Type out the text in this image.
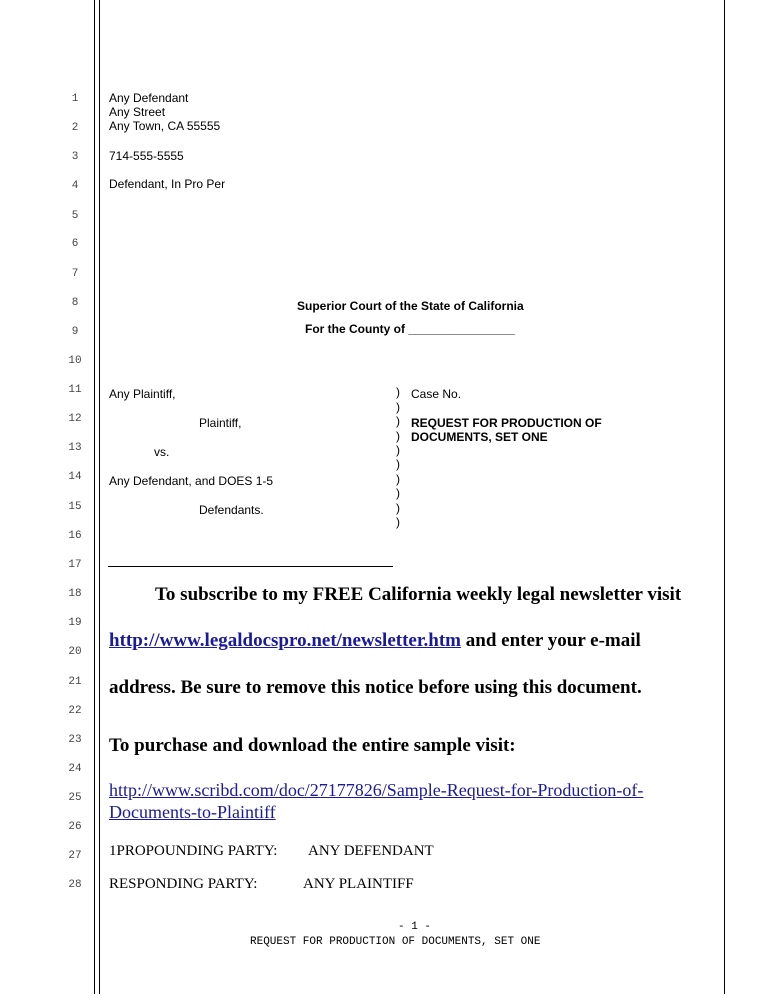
1
2
3
4
5
6
7
8
9
10
11
12
13
14
15
16
17
18
19
20
21
22
23
24
25
26
27
28
Any Defendant
Any Street
Any Town, CA 55555
714-555-5555
Defendant, In Pro Per
Superior Court of the State of California
For the County of ________________
Any Plaintiff,
Plaintiff,
vs.
Any Defendant, and DOES 1-5
Defendants.
)
)
)
)
)
)
)
)
)
)
Case No.
REQUEST FOR PRODUCTION OF
DOCUMENTS, SET ONE
To subscribe to my FREE California weekly legal newsletter visit
http://www.legaldocspro.net/newsletter.htm and enter your e-mail
address. Be sure to remove this notice before using this document.
To purchase and download the entire sample visit:
http://www.scribd.com/doc/27177826/Sample-Request-for-Production-of-
Documents-to-Plaintiff
1PROPOUNDING PARTY: ANY DEFENDANT
RESPONDING PARTY:	ANY PLAINTIFF
- 1 -
REQUEST FOR PRODUCTION OF DOCUMENTS, SET ONE
